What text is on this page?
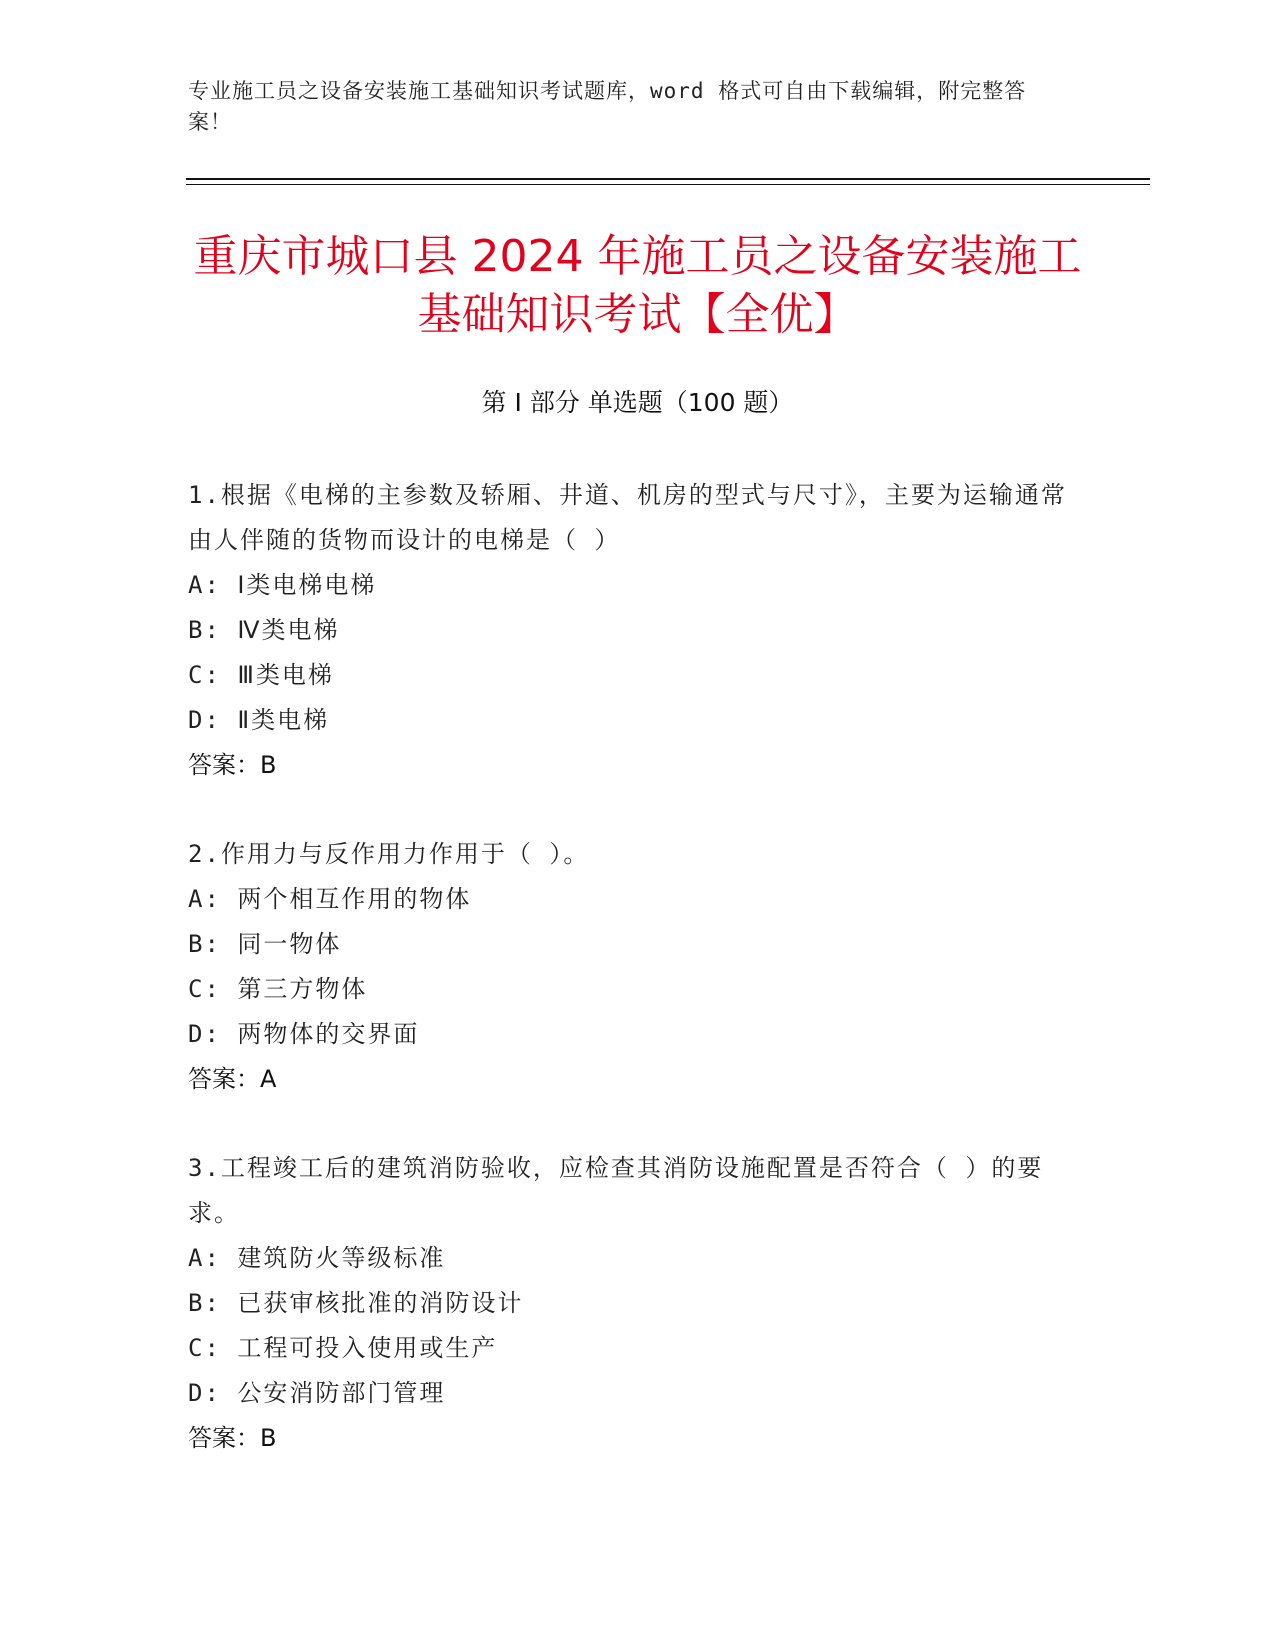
专业施工员之设备安装施工基础知识考试题库，word 格式可自由下载编辑，附完整答案！
重庆市城口县 2024 年施工员之设备安装施工
基础知识考试【全优】
第 I 部分 单选题（100 题）

1.根据《电梯的主参数及轿厢、井道、机房的型式与尺寸》，主要为运输通常由人伴随的货物而设计的电梯是（ ）

A: Ⅰ类电梯电梯

B: Ⅳ类电梯

C: Ⅲ类电梯

D: Ⅱ类电梯

答案：B

2.作用力与反作用力作用于（ ）。

A: 两个相互作用的物体

B: 同一物体

C: 第三方物体

D: 两物体的交界面

答案：A

3.工程竣工后的建筑消防验收，应检查其消防设施配置是否符合（ ）的要求。

A: 建筑防火等级标准

B: 已获审核批准的消防设计

C: 工程可投入使用或生产

D: 公安消防部门管理

答案：B
